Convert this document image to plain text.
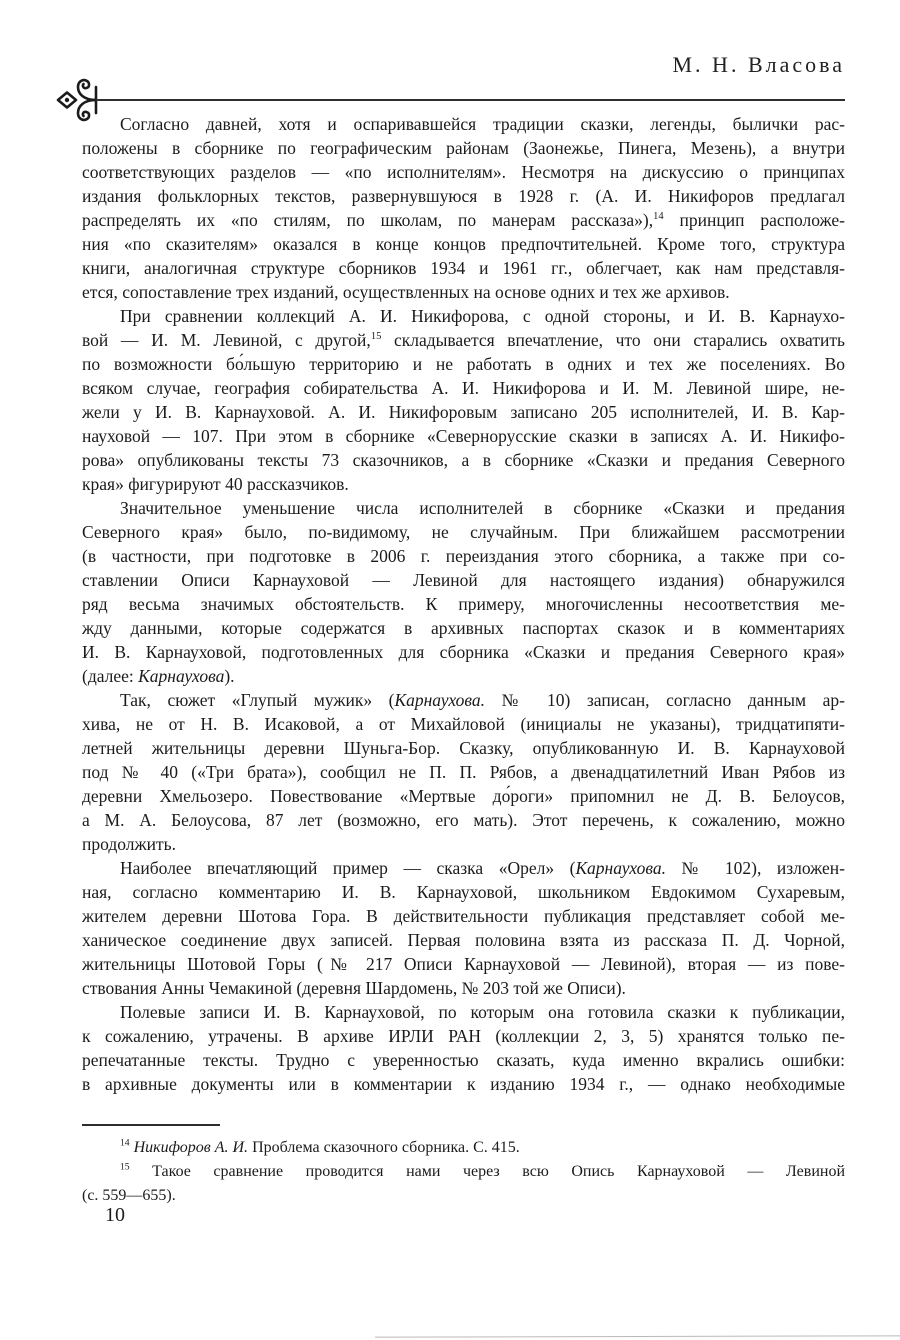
М. Н. Власова
Согласно давней, хотя и оспаривавшейся традиции сказки, легенды, былички рас-
положены в сборнике по географическим районам (Заонежье, Пинега, Мезень), а внутри
соответствующих разделов — «по исполнителям». Несмотря на дискуссию о принципах
издания фольклорных текстов, развернувшуюся в 1928 г. (А. И. Никифоров предлагал
распределять их «по стилям, по школам, по манерам рассказа»),$^{14}$ принцип расположе-
ния «по сказителям» оказался в конце концов предпочтительней. Кроме того, структура
книги, аналогичная структуре сборников 1934 и 1961 гг., облегчает, как нам представля-
ется, сопоставление трех изданий, осуществленных на основе одних и тех же архивов.
При сравнении коллекций А. И. Никифорова, с одной стороны, и И. В. Карнаухо-
вой — И. М. Левиной, с другой,$^{15}$ складывается впечатление, что они старались охватить
по возможности бо́льшую территорию и не работать в одних и тех же поселениях. Во
всяком случае, география собирательства А. И. Никифорова и И. М. Левиной шире, не-
жели у И. В. Карнауховой. А. И. Никифоровым записано 205 исполнителей, И. В. Кар-
науховой — 107. При этом в сборнике «Севернорусские сказки в записях А. И. Никифо-
рова» опубликованы тексты 73 сказочников, а в сборнике «Сказки и предания Северного
края» фигурируют 40 рассказчиков.
Значительное уменьшение числа исполнителей в сборнике «Сказки и предания
Северного края» было, по-видимому, не случайным. При ближайшем рассмотрении
(в частности, при подготовке в 2006 г. переиздания этого сборника, а также при со-
ставлении Описи Карнауховой — Левиной для настоящего издания) обнаружился
ряд весьма значимых обстоятельств. К примеру, многочисленны несоответствия ме-
жду данными, которые содержатся в архивных паспортах сказок и в комментариях
И. В. Карнауховой, подготовленных для сборника «Сказки и предания Северного края»
(далее: Карнаухова).
Так, сюжет «Глупый мужик» (Карнаухова. № 10) записан, согласно данным ар-
хива, не от Н. В. Исаковой, а от Михайловой (инициалы не указаны), тридцатипяти-
летней жительницы деревни Шуньга-Бор. Сказку, опубликованную И. В. Карнауховой
под № 40 («Три брата»), сообщил не П. П. Рябов, а двенадцатилетний Иван Рябов из
деревни Хмельозеро. Повествование «Мертвые до́роги» припомнил не Д. В. Белоусов,
а М. А. Белоусова, 87 лет (возможно, его мать). Этот перечень, к сожалению, можно
продолжить.
Наиболее впечатляющий пример — сказка «Орел» (Карнаухова. № 102), изложен-
ная, согласно комментарию И. В. Карнауховой, школьником Евдокимом Сухаревым,
жителем деревни Шотова Гора. В действительности публикация представляет собой ме-
ханическое соединение двух записей. Первая половина взята из рассказа П. Д. Чорной,
жительницы Шотовой Горы (№ 217 Описи Карнауховой — Левиной), вторая — из пове-
ствования Анны Чемакиной (деревня Шардомень, № 203 той же Описи).
Полевые записи И. В. Карнауховой, по которым она готовила сказки к публикации,
к сожалению, утрачены. В архиве ИРЛИ РАН (коллекции 2, 3, 5) хранятся только пе-
репечатанные тексты. Трудно с уверенностью сказать, куда именно вкрались ошибки:
в архивные документы или в комментарии к изданию 1934 г., — однако необходимые
$^{14}$ Никифоров А. И. Проблема сказочного сборника. С. 415.
$^{15}$ Такое сравнение проводится нами через всю Опись Карнауховой — Левиной
(с. 559—655).
10
